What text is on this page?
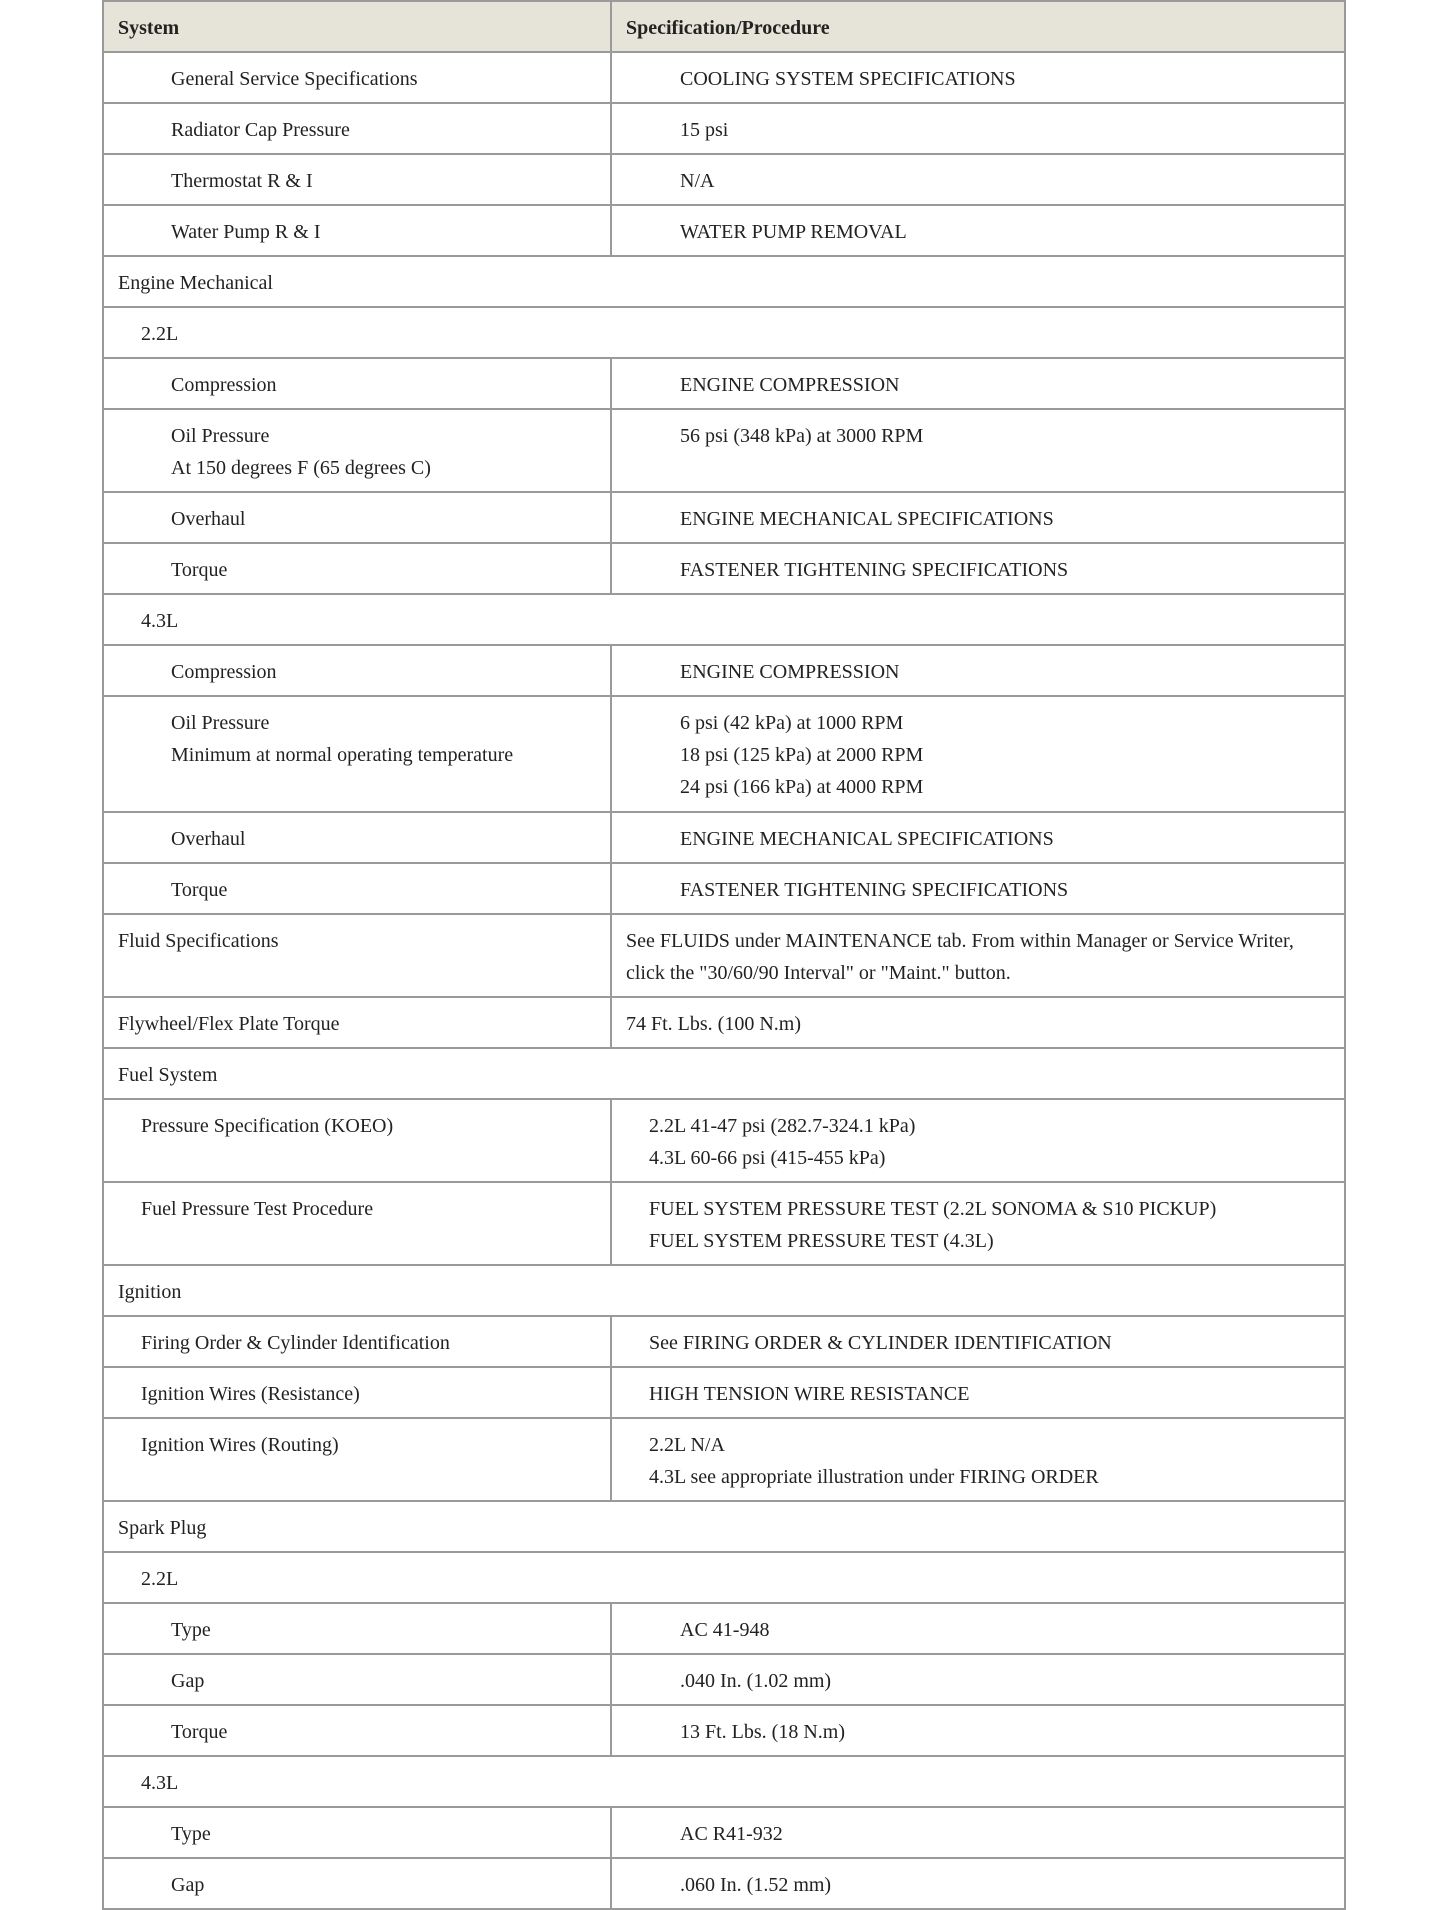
System	Specification/Procedure

General Service Specifications	COOLING SYSTEM SPECIFICATIONS

Radiator Cap Pressure	15 psi

Thermostat R & I	N/A

Water Pump R & I	WATER PUMP REMOVAL

Engine Mechanical	

2.2L	

Compression	ENGINE COMPRESSION

Oil Pressure
At 150 degrees F (65 degrees C)	56 psi (348 kPa) at 3000 RPM

Overhaul	ENGINE MECHANICAL SPECIFICATIONS

Torque	FASTENER TIGHTENING SPECIFICATIONS

4.3L	

Compression	ENGINE COMPRESSION

Oil Pressure
Minimum at normal operating temperature	6 psi (42 kPa) at 1000 RPM
18 psi (125 kPa) at 2000 RPM
24 psi (166 kPa) at 4000 RPM

Overhaul	ENGINE MECHANICAL SPECIFICATIONS

Torque	FASTENER TIGHTENING SPECIFICATIONS

Fluid Specifications	See FLUIDS under MAINTENANCE tab. From within Manager or Service Writer, click the "30/60/90 Interval" or "Maint." button.

Flywheel/Flex Plate Torque	74 Ft. Lbs. (100 N.m)

Fuel System	

Pressure Specification (KOEO)	2.2L 41-47 psi (282.7-324.1 kPa)
4.3L 60-66 psi (415-455 kPa)

Fuel Pressure Test Procedure	FUEL SYSTEM PRESSURE TEST (2.2L SONOMA & S10 PICKUP)
FUEL SYSTEM PRESSURE TEST (4.3L)

Ignition	

Firing Order & Cylinder Identification	See FIRING ORDER & CYLINDER IDENTIFICATION

Ignition Wires (Resistance)	HIGH TENSION WIRE RESISTANCE

Ignition Wires (Routing)	2.2L N/A
4.3L see appropriate illustration under FIRING ORDER

Spark Plug	

2.2L	

Type	AC 41-948

Gap	.040 In. (1.02 mm)

Torque	13 Ft. Lbs. (18 N.m)

4.3L	

Type	AC R41-932

Gap	.060 In. (1.52 mm)
